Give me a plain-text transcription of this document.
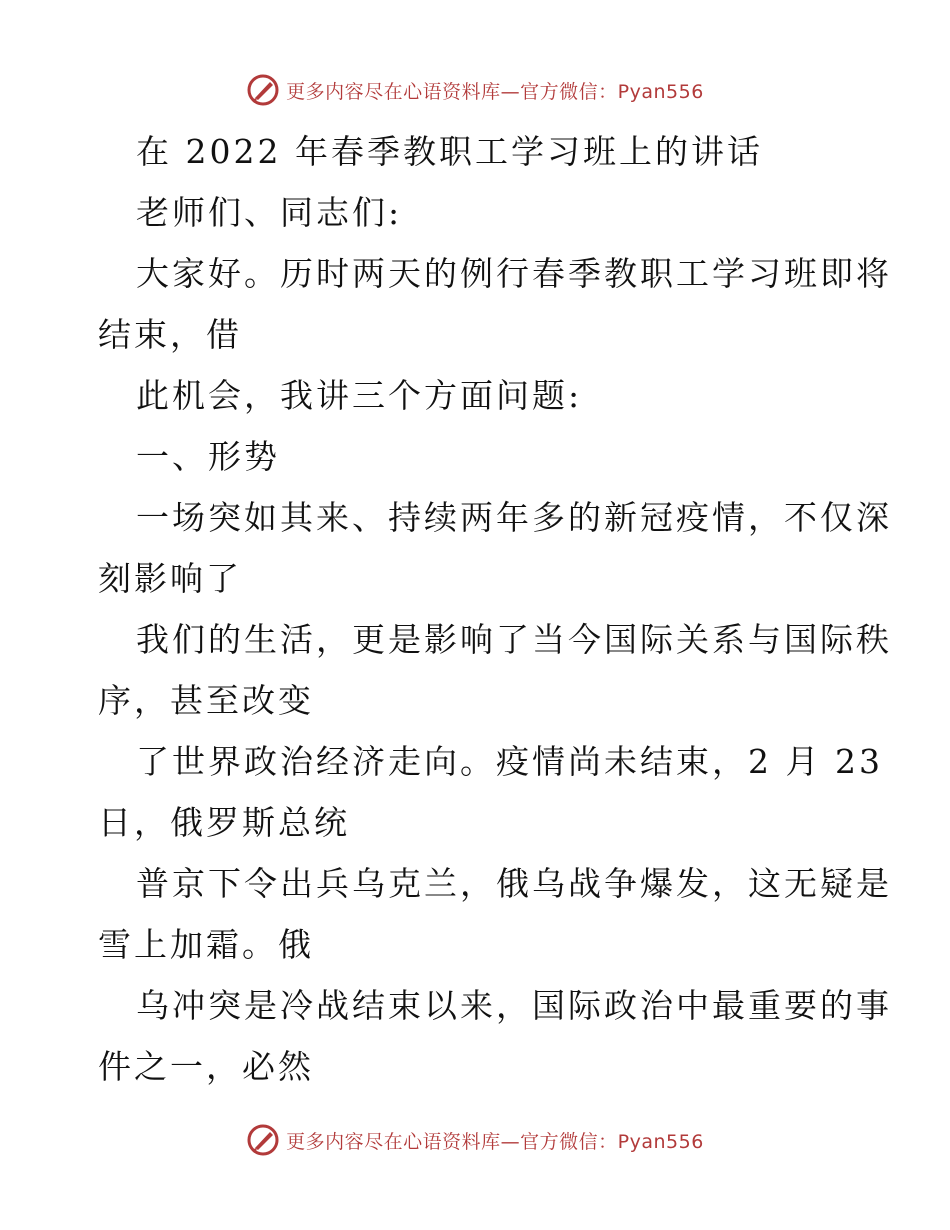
更多内容尽在心语资料库—官方微信：Pyan556
在 2022 年春季教职工学习班上的讲话
老师们、同志们:
大家好。历时两天的例行春季教职工学习班即将
结束，借
此机会，我讲三个方面问题:
一、形势
一场突如其来、持续两年多的新冠疫情，不仅深
刻影响了
我们的生活，更是影响了当今国际关系与国际秩
序，甚至改变
了世界政治经济走向。疫情尚未结束，2 月 23
日，俄罗斯总统
普京下令出兵乌克兰，俄乌战争爆发，这无疑是
雪上加霜。俄
乌冲突是冷战结束以来，国际政治中最重要的事
件之一，必然
更多内容尽在心语资料库—官方微信：Pyan556
